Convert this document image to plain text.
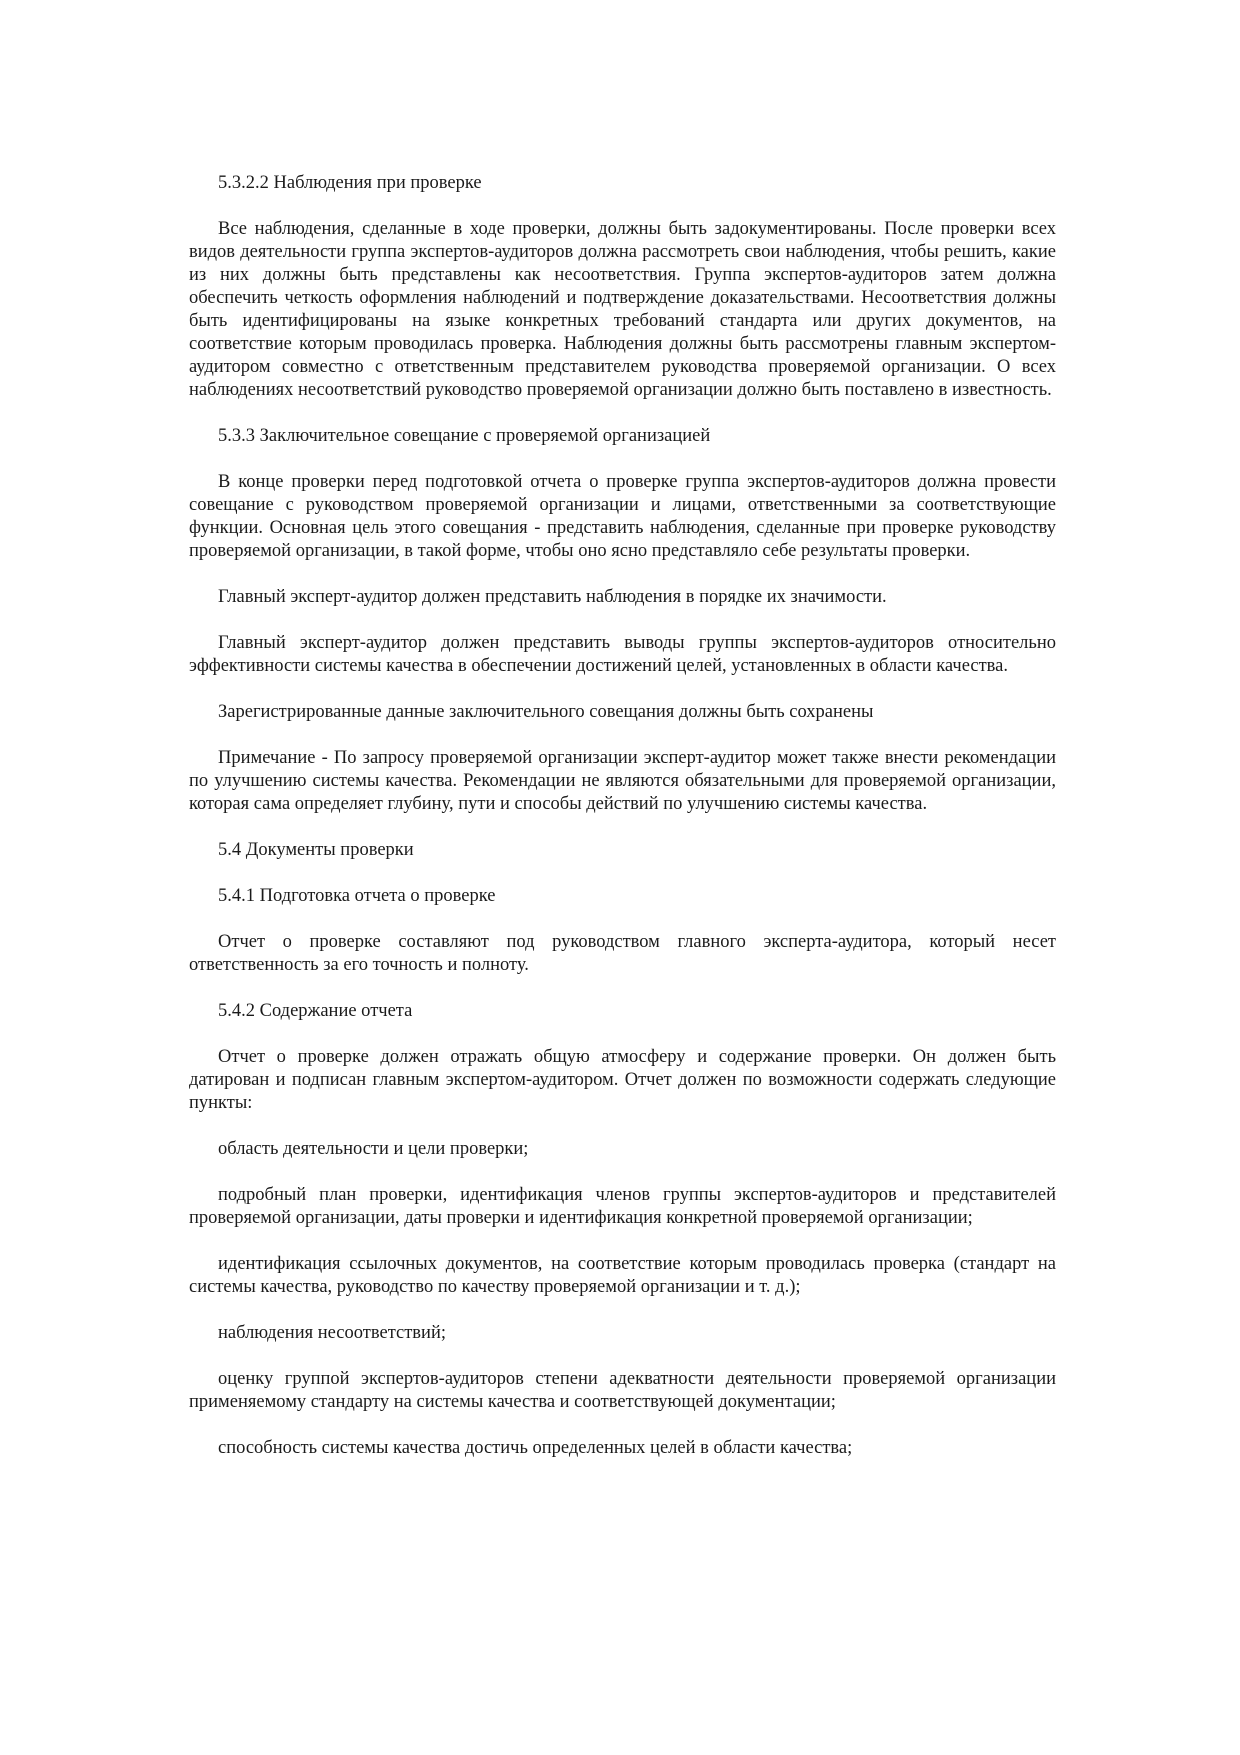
5.3.2.2 Наблюдения при проверке

Все наблюдения, сделанные в ходе проверки, должны быть задокументированы. После проверки всех видов деятельности группа экспертов-аудиторов должна рассмотреть свои наблюдения, чтобы решить, какие из них должны быть представлены как несоответствия. Группа экспертов-аудиторов затем должна обеспечить четкость оформления наблюдений и подтверждение доказательствами. Несоответствия должны быть идентифицированы на языке конкретных требований стандарта или других документов, на соответствие которым проводилась проверка. Наблюдения должны быть рассмотрены главным экспертом-аудитором совместно с ответственным представителем руководства проверяемой организации. О всех наблюдениях несоответствий руководство проверяемой организации должно быть поставлено в известность.

5.3.3 Заключительное совещание с проверяемой организацией

В конце проверки перед подготовкой отчета о проверке группа экспертов-аудиторов должна провести совещание с руководством проверяемой организации и лицами, ответственными за соответствующие функции. Основная цель этого совещания - представить наблюдения, сделанные при проверке руководству проверяемой организации, в такой форме, чтобы оно ясно представляло себе результаты проверки.

Главный эксперт-аудитор должен представить наблюдения в порядке их значимости.

Главный эксперт-аудитор должен представить выводы группы экспертов-аудиторов относительно эффективности системы качества в обеспечении достижений целей, установленных в области качества.

Зарегистрированные данные заключительного совещания должны быть сохранены

Примечание - По запросу проверяемой организации эксперт-аудитор может также внести рекомендации по улучшению системы качества. Рекомендации не являются обязательными для проверяемой организации, которая сама определяет глубину, пути и способы действий по улучшению системы качества.

5.4 Документы проверки

5.4.1 Подготовка отчета о проверке

Отчет о проверке составляют под руководством главного эксперта-аудитора, который несет ответственность за его точность и полноту.

5.4.2 Содержание отчета

Отчет о проверке должен отражать общую атмосферу и содержание проверки. Он должен быть датирован и подписан главным экспертом-аудитором. Отчет должен по возможности содержать следующие пункты:

область деятельности и цели проверки;

подробный план проверки, идентификация членов группы экспертов-аудиторов и представителей проверяемой организации, даты проверки и идентификация конкретной проверяемой организации;

идентификация ссылочных документов, на соответствие которым проводилась проверка (стандарт на системы качества, руководство по качеству проверяемой организации и т. д.);

наблюдения несоответствий;

оценку группой экспертов-аудиторов степени адекватности деятельности проверяемой организации применяемому стандарту на системы качества и соответствующей документации;

способность системы качества достичь определенных целей в области качества;
